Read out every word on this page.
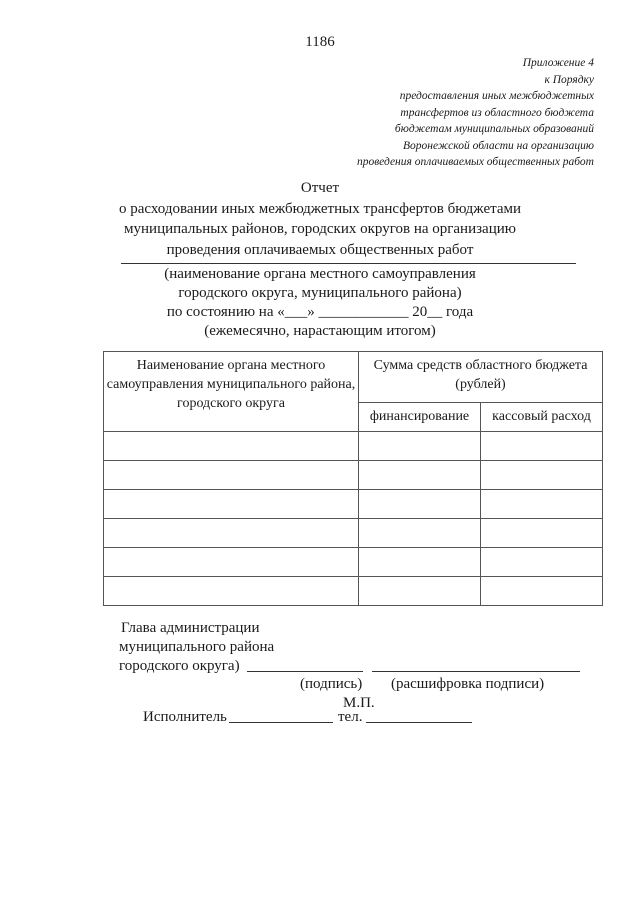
1186
Приложение 4
к Порядку
предоставления иных межбюджетных
трансфертов из областного бюджета
бюджетам муниципальных образований
Воронежской области на организацию
проведения оплачиваемых общественных работ
Отчет
о расходовании иных межбюджетных трансфертов бюджетами
муниципальных районов, городских округов на организацию
проведения оплачиваемых общественных работ
(наименование органа местного самоуправления
городского округа, муниципального района)
по состоянию на «___» ____________ 20__ года
(ежемесячно, нарастающим итогом)
Наименование органа местного самоуправления муниципального района, городского округа	Сумма средств областного бюджета (рублей)	
	финансирование	кассовый расход

Глава администрации
муниципального района
городского округа)
(подпись) (расшифровка подписи)
М.П.
Исполнитель	тел.
